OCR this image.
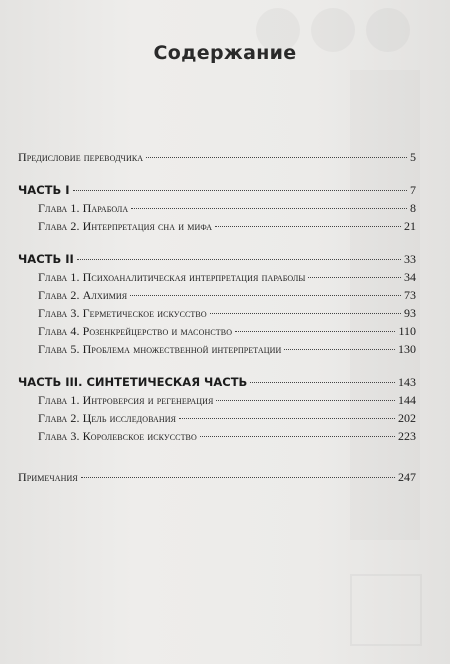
Содержание
Предисловие переводчика	5
ЧАСТЬ I	7
Глава 1. Парабола	8
Глава 2. Интерпретация сна и мифа	21
ЧАСТЬ II	33
Глава 1. Психоаналитическая интерпретация параболы	34
Глава 2. Алхимия	73
Глава 3. Герметическое искусство	93
Глава 4. Розенкрейцерство и масонство	110
Глава 5. Проблема множественной интерпретации	130
ЧАСТЬ III. СИНТЕТИЧЕСКАЯ ЧАСТЬ	143
Глава 1. Интроверсия и регенерация	144
Глава 2. Цель исследования	202
Глава 3. Королевское искусство	223
Примечания	247
